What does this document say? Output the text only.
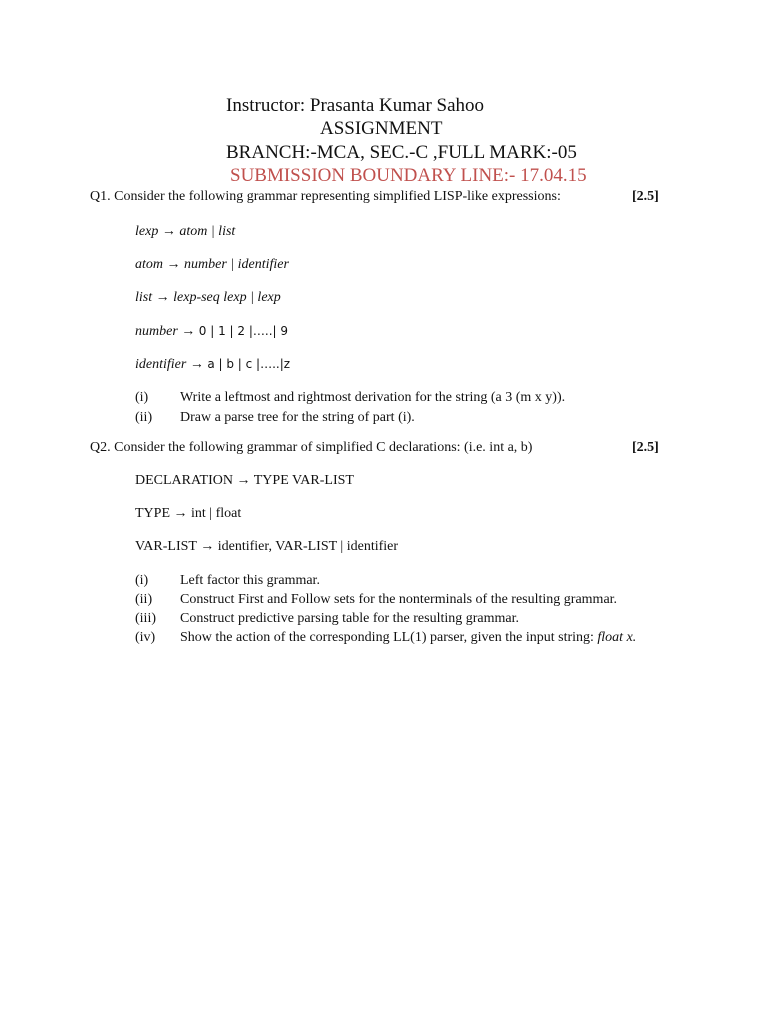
Instructor: Prasanta Kumar Sahoo
ASSIGNMENT
BRANCH:-MCA, SEC.-C ,FULL MARK:-05
SUBMISSION BOUNDARY LINE:- 17.04.15
Q1. Consider the following grammar representing simplified LISP-like expressions:	[2.5]
lexp → atom | list
atom → number | identifier
list → lexp-seq lexp | lexp
number → 0 | 1 | 2 |…..| 9
identifier → a | b | c |…..|z
(i) Write a leftmost and rightmost derivation for the string (a 3 (m x y)).
(ii) Draw a parse tree for the string of part (i).
Q2. Consider the following grammar of simplified C declarations: (i.e. int a, b)	[2.5]
DECLARATION → TYPE VAR-LIST
TYPE → int | float
VAR-LIST → identifier, VAR-LIST | identifier
(i) Left factor this grammar.
(ii) Construct First and Follow sets for the nonterminals of the resulting grammar.
(iii) Construct predictive parsing table for the resulting grammar.
(iv) Show the action of the corresponding LL(1) parser, given the input string: float x.
